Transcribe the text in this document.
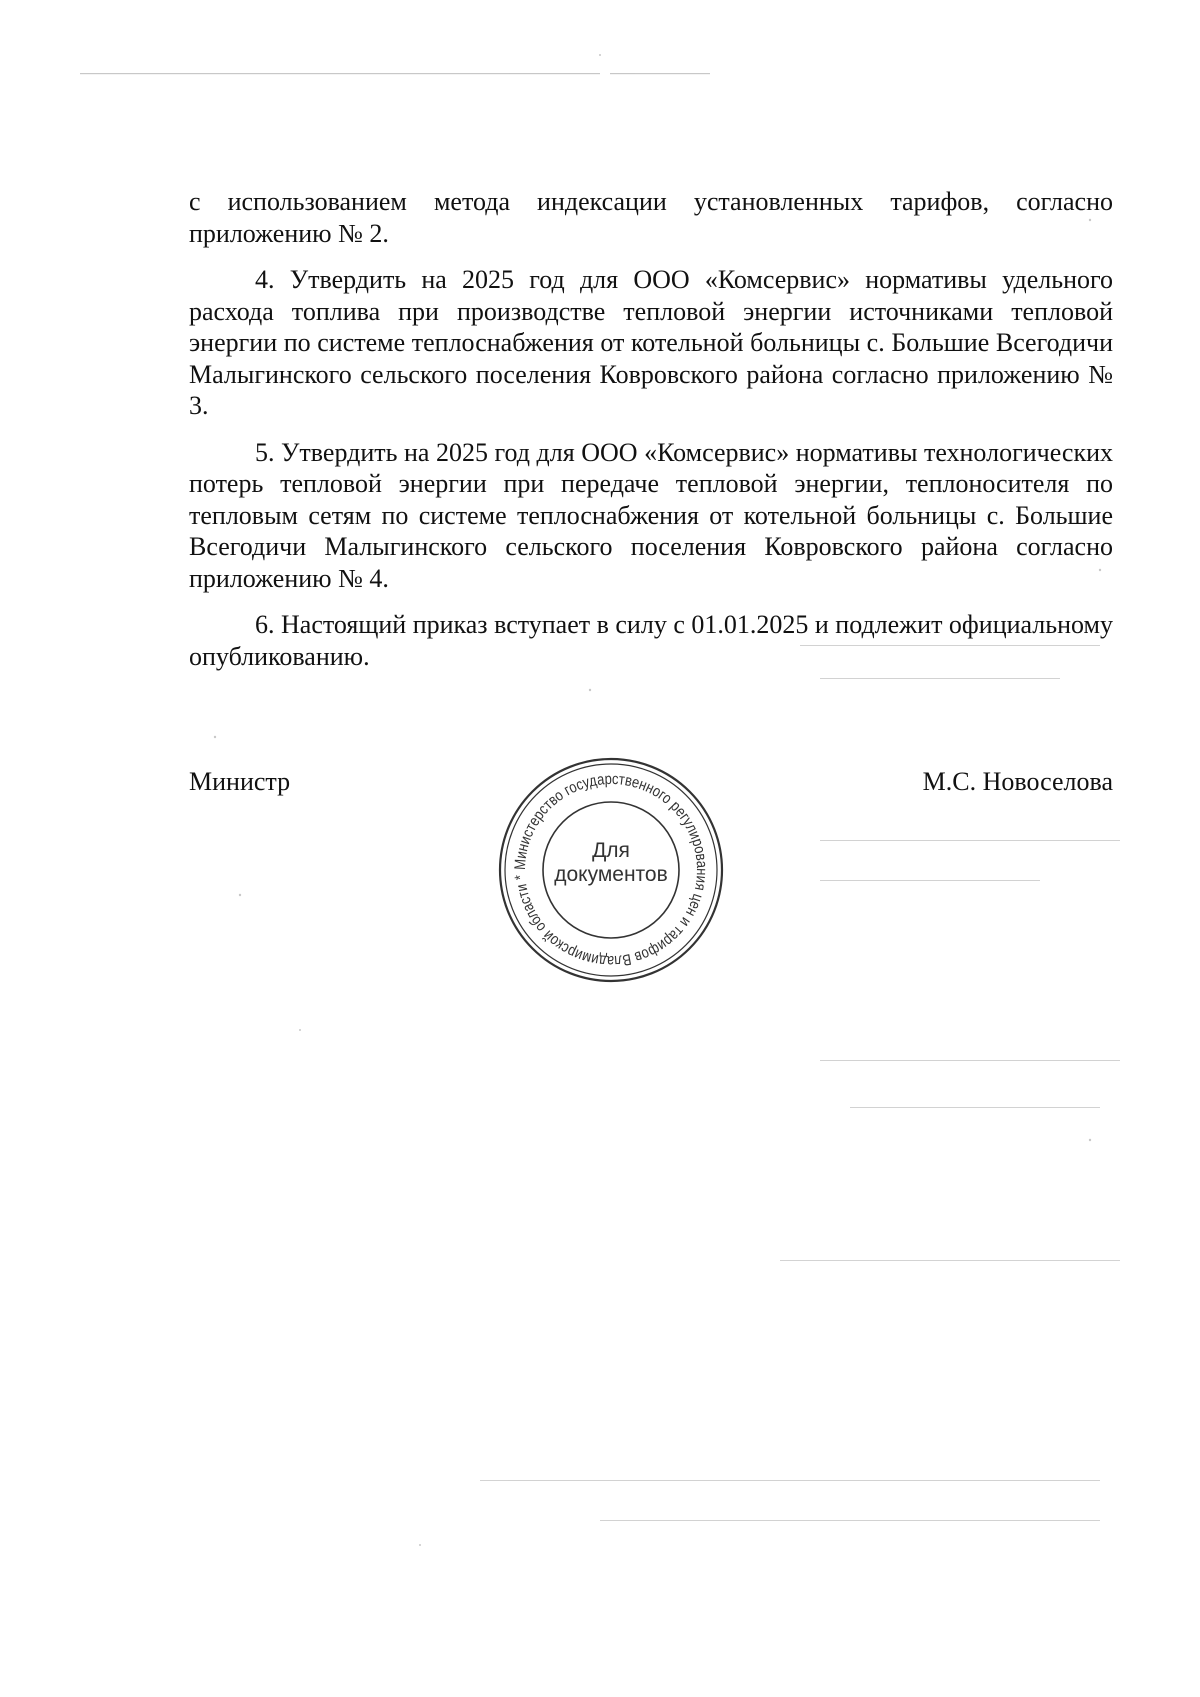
с использованием метода индексации установленных тарифов, согласно приложению № 2.

4. Утвердить на 2025 год для ООО «Комсервис» нормативы удельного расхода топлива при производстве тепловой энергии источниками тепловой энергии по системе теплоснабжения от котельной больницы с. Большие Всегодичи Малыгинского сельского поселения Ковровского района согласно приложению № 3.

5. Утвердить на 2025 год для ООО «Комсервис» нормативы технологических потерь тепловой энергии при передаче тепловой энергии, теплоносителя по тепловым сетям по системе теплоснабжения от котельной больницы с. Большие Всегодичи Малыгинского сельского поселения Ковровского района согласно приложению № 4.

6. Настоящий приказ вступает в силу с 01.01.2025 и подлежит официальному опубликованию.

Министр	М.С. Новоселова
Министерство государственного регулирования цен и тарифов Владимирской области *
Для
документов
